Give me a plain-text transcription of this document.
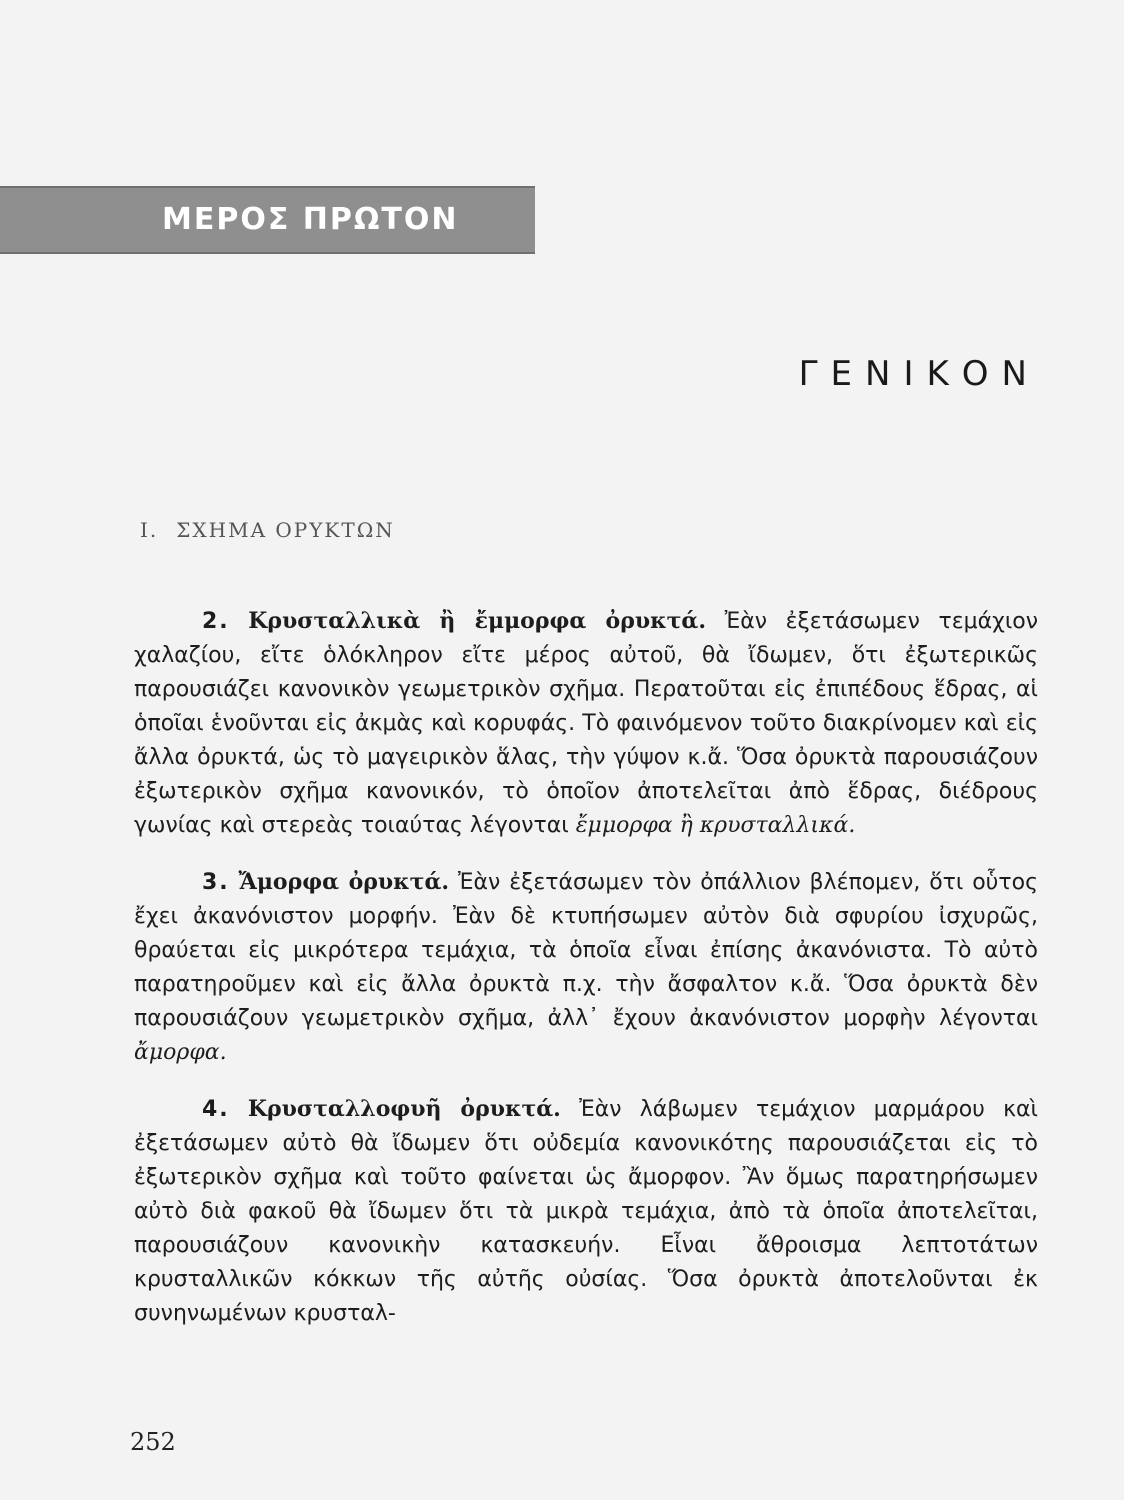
ΜΕΡΟΣ ΠΡΩΤΟΝ
ΓΕΝΙΚΟΝ
I. ΣΧΗΜΑ ΟΡΥΚΤΩΝ

2. Κρυσταλλικὰ ἢ ἔμμορφα ὀρυκτά. Ἐὰν ἐξετάσωμεν τεμάχιον χαλαζίου, εἴτε ὁλόκληρον εἴτε μέρος αὐτοῦ, θὰ ἴδωμεν, ὅτι ἐξωτερικῶς παρουσιάζει κανονικὸν γεωμετρικὸν σχῆμα. Περατοῦται εἰς ἐπιπέδους ἕδρας, αἱ ὁποῖαι ἑνοῦνται εἰς ἀκμὰς καὶ κορυφάς. Τὸ φαινόμενον τοῦτο διακρίνομεν καὶ εἰς ἄλλα ὀρυκτά, ὡς τὸ μαγειρικὸν ἅλας, τὴν γύψον κ.ἄ. Ὅσα ὀρυκτὰ παρουσιάζουν ἐξωτερικὸν σχῆμα κανονικόν, τὸ ὁποῖον ἀποτελεῖται ἀπὸ ἕδρας, διέδρους γωνίας καὶ στερεὰς τοιαύτας λέγονται ἔμμορφα ἢ κρυσταλλικά.

3. Ἄμορφα ὀρυκτά. Ἐὰν ἐξετάσωμεν τὸν ὀπάλλιον βλέπομεν, ὅτι οὗτος ἔχει ἀκανόνιστον μορφήν. Ἐὰν δὲ κτυπήσωμεν αὐτὸν διὰ σφυρίου ἰσχυρῶς, θραύεται εἰς μικρότερα τεμάχια, τὰ ὁποῖα εἶναι ἐπίσης ἀκανόνιστα. Τὸ αὐτὸ παρατηροῦμεν καὶ εἰς ἄλλα ὀρυκτὰ π.χ. τὴν ἄσφαλτον κ.ἄ. Ὅσα ὀρυκτὰ δὲν παρουσιάζουν γεωμετρικὸν σχῆμα, ἀλλ᾽ ἔχουν ἀκανόνιστον μορφὴν λέγονται ἄμορφα.

4. Κρυσταλλοφυῆ ὀρυκτά. Ἐὰν λάβωμεν τεμάχιον μαρμάρου καὶ ἐξετάσωμεν αὐτὸ θὰ ἴδωμεν ὅτι οὐδεμία κανονικότης παρουσιάζεται εἰς τὸ ἐξωτερικὸν σχῆμα καὶ τοῦτο φαίνεται ὡς ἄμορφον. Ἂν ὅμως παρατηρήσωμεν αὐτὸ διὰ φακοῦ θὰ ἴδωμεν ὅτι τὰ μικρὰ τεμάχια, ἀπὸ τὰ ὁποῖα ἀποτελεῖται, παρουσιάζουν κανονικὴν κατασκευήν. Εἶναι ἄθροισμα λεπτοτάτων κρυσταλλικῶν κόκκων τῆς αὐτῆς οὐσίας. Ὅσα ὀρυκτὰ ἀποτελοῦνται ἐκ συνηνωμένων κρυσταλ-

252
